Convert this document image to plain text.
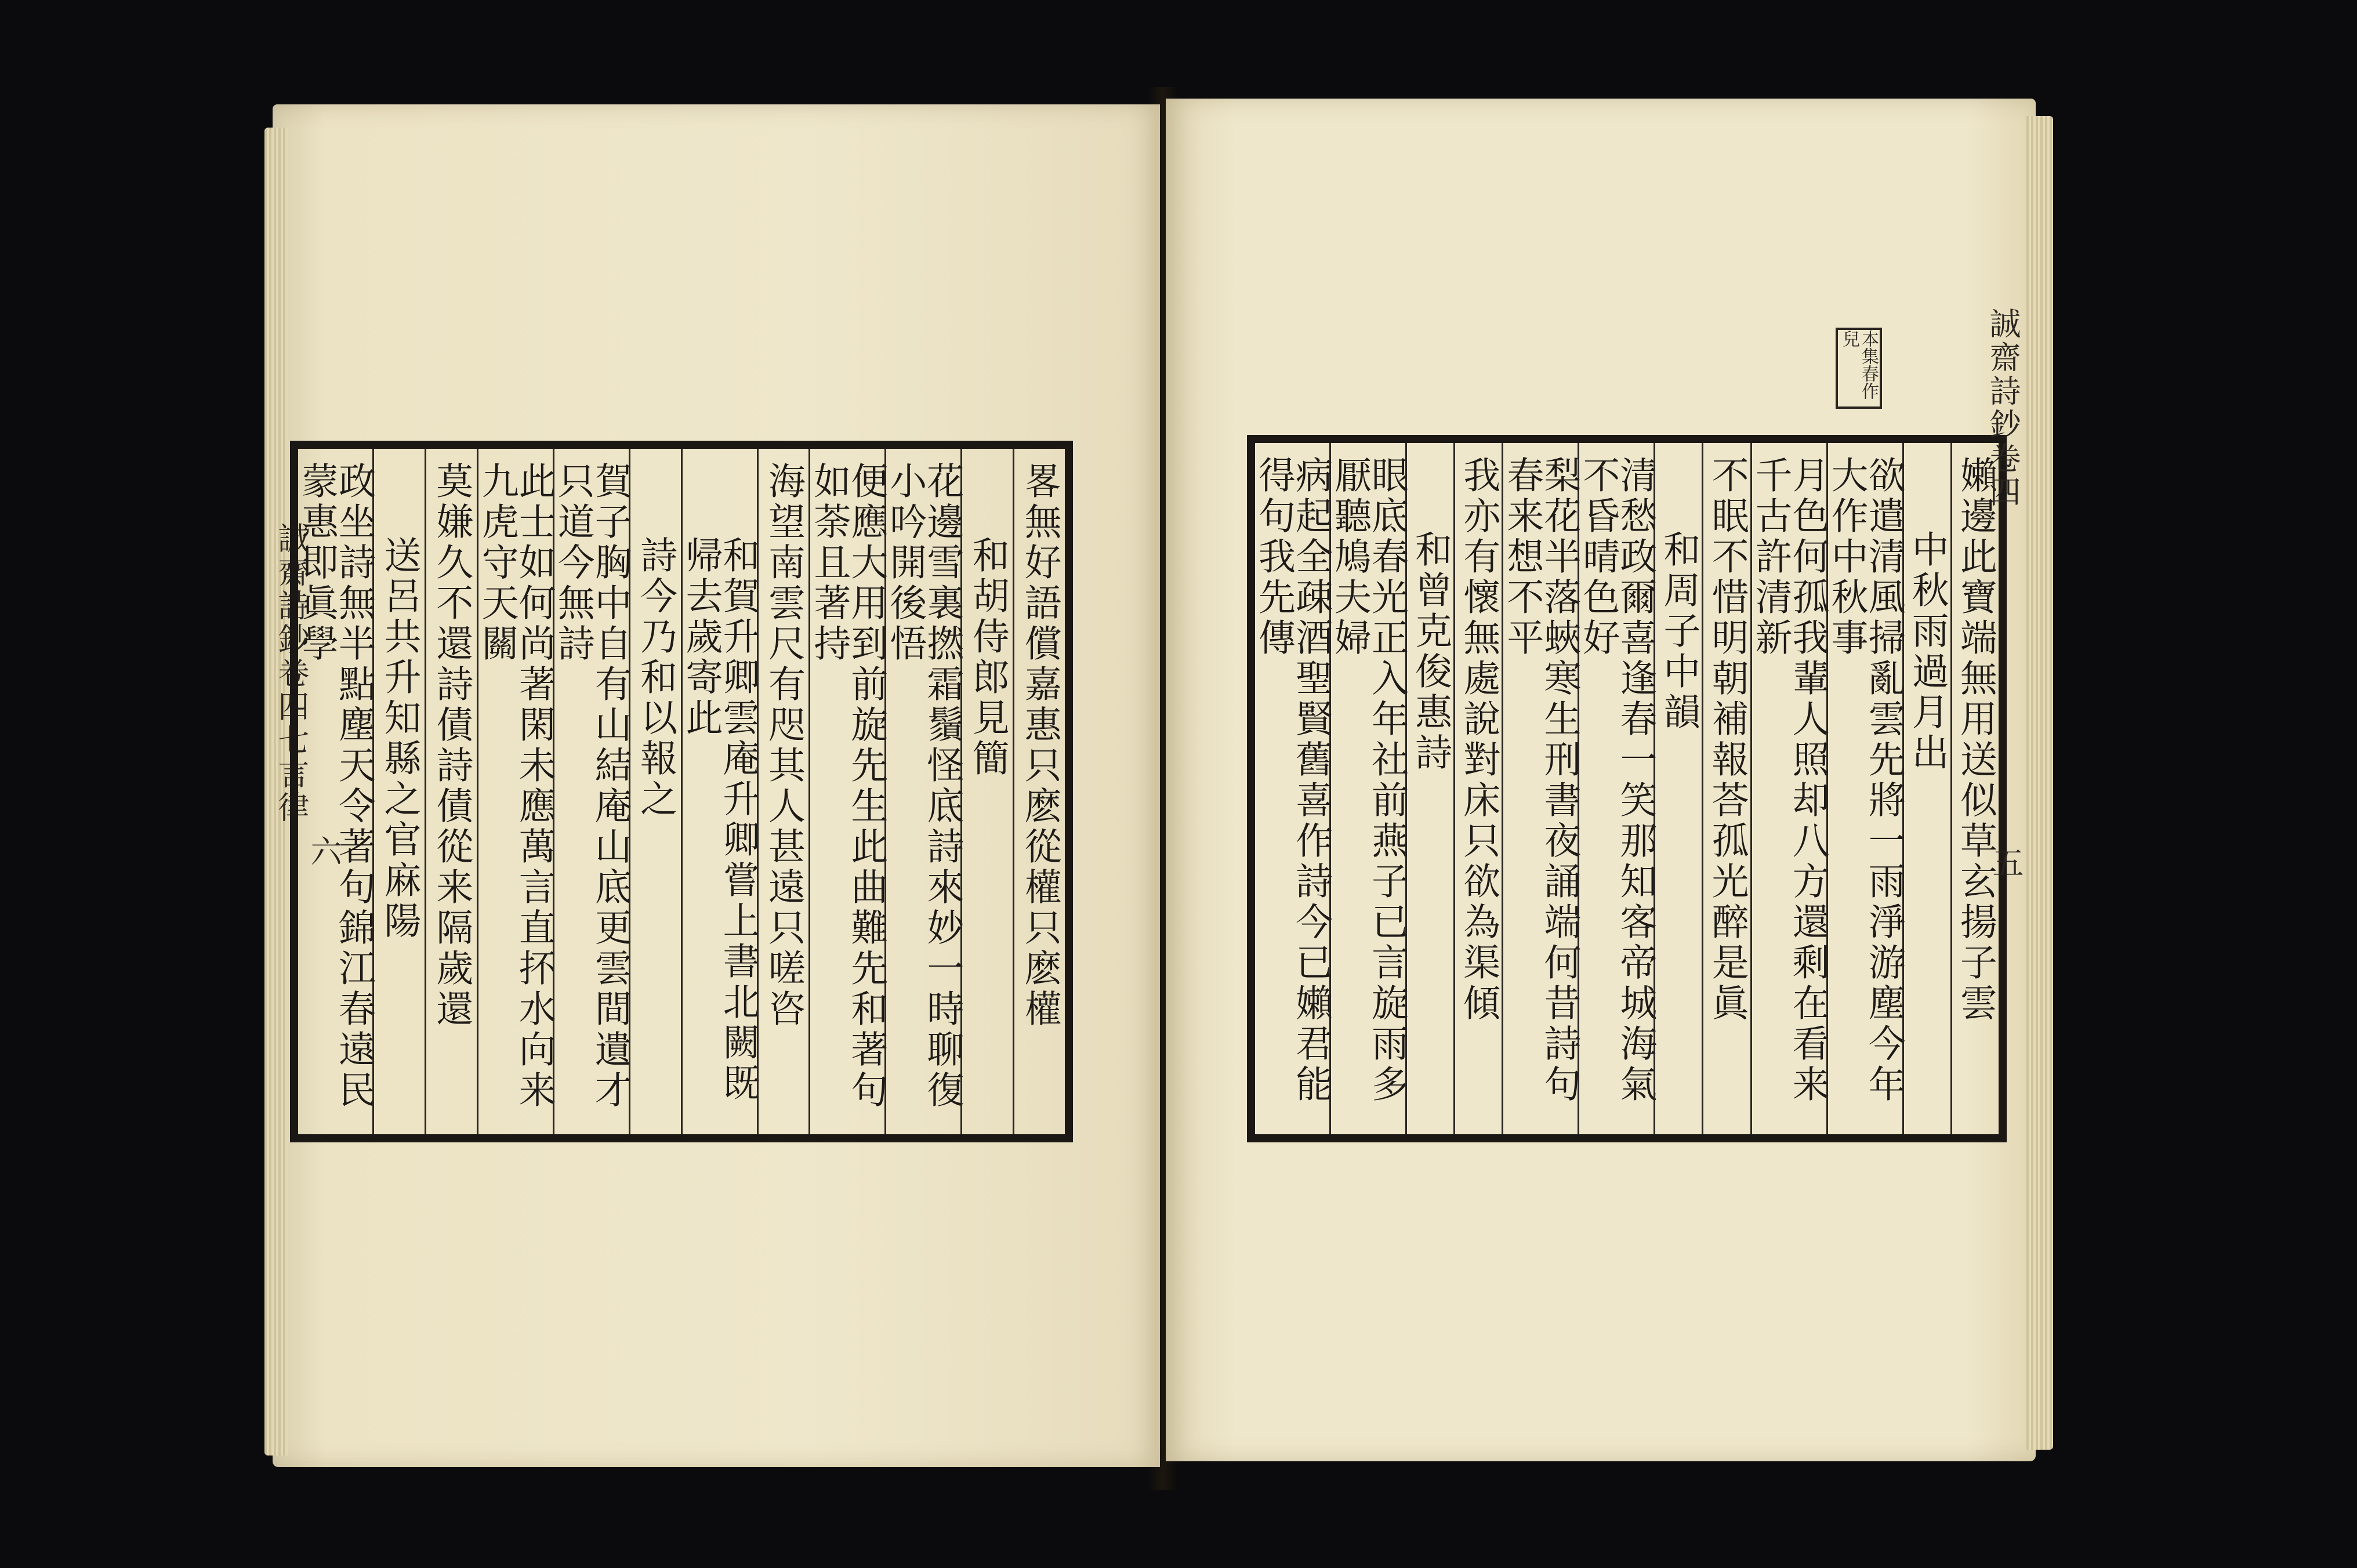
誠齋詩鈔卷四七言律
六	畧無好語償嘉惠只麽從權只麽權
和胡侍郎見簡
花邊雪裏撚霜鬚怪底詩來妙一時聊復小吟開後悟
便應大用到前旋先生此曲難先和著句如荼且著持
海望南雲尺有咫其人甚遠只嗟咨
和賀升卿雲庵升卿嘗上書北闕既帰去歲寄此
詩今乃和以報之
賀子胸中自有山結庵山底更雲間遺才只道今無詩
此士如何尚著閑未應萬言直抔水向来九虎守天關
莫嫌久不還詩債詩債從来隔歲還
送呂共升知縣之官麻陽
政坐詩無半點塵天令著句錦江春遠民蒙惠即眞學
本集春作兒
嬾邊此寶端無用送似草玄揚子雲
中秋雨過月出
欲遣清風掃亂雲先將一雨淨游塵今年大作中秋事
月色何孤我輩人照却八方還剩在看来千古許清新
不眠不惜明朝補報荅孤光醉是眞
和周子中韻
清愁政爾喜逢春一笑那知客帝城海氣不昏晴色好
梨花半落蛺寒生刑書夜誦端何昔詩句春来想不平
我亦有懷無處說對床只欲為渠傾
和曾克俊惠詩
眼底春光正入年社前燕子已言旋雨多厭聽鳩夫婦
病起全疎酒聖賢舊喜作詩今已嬾君能得句我先傳
誠齋詩鈔卷四
五
